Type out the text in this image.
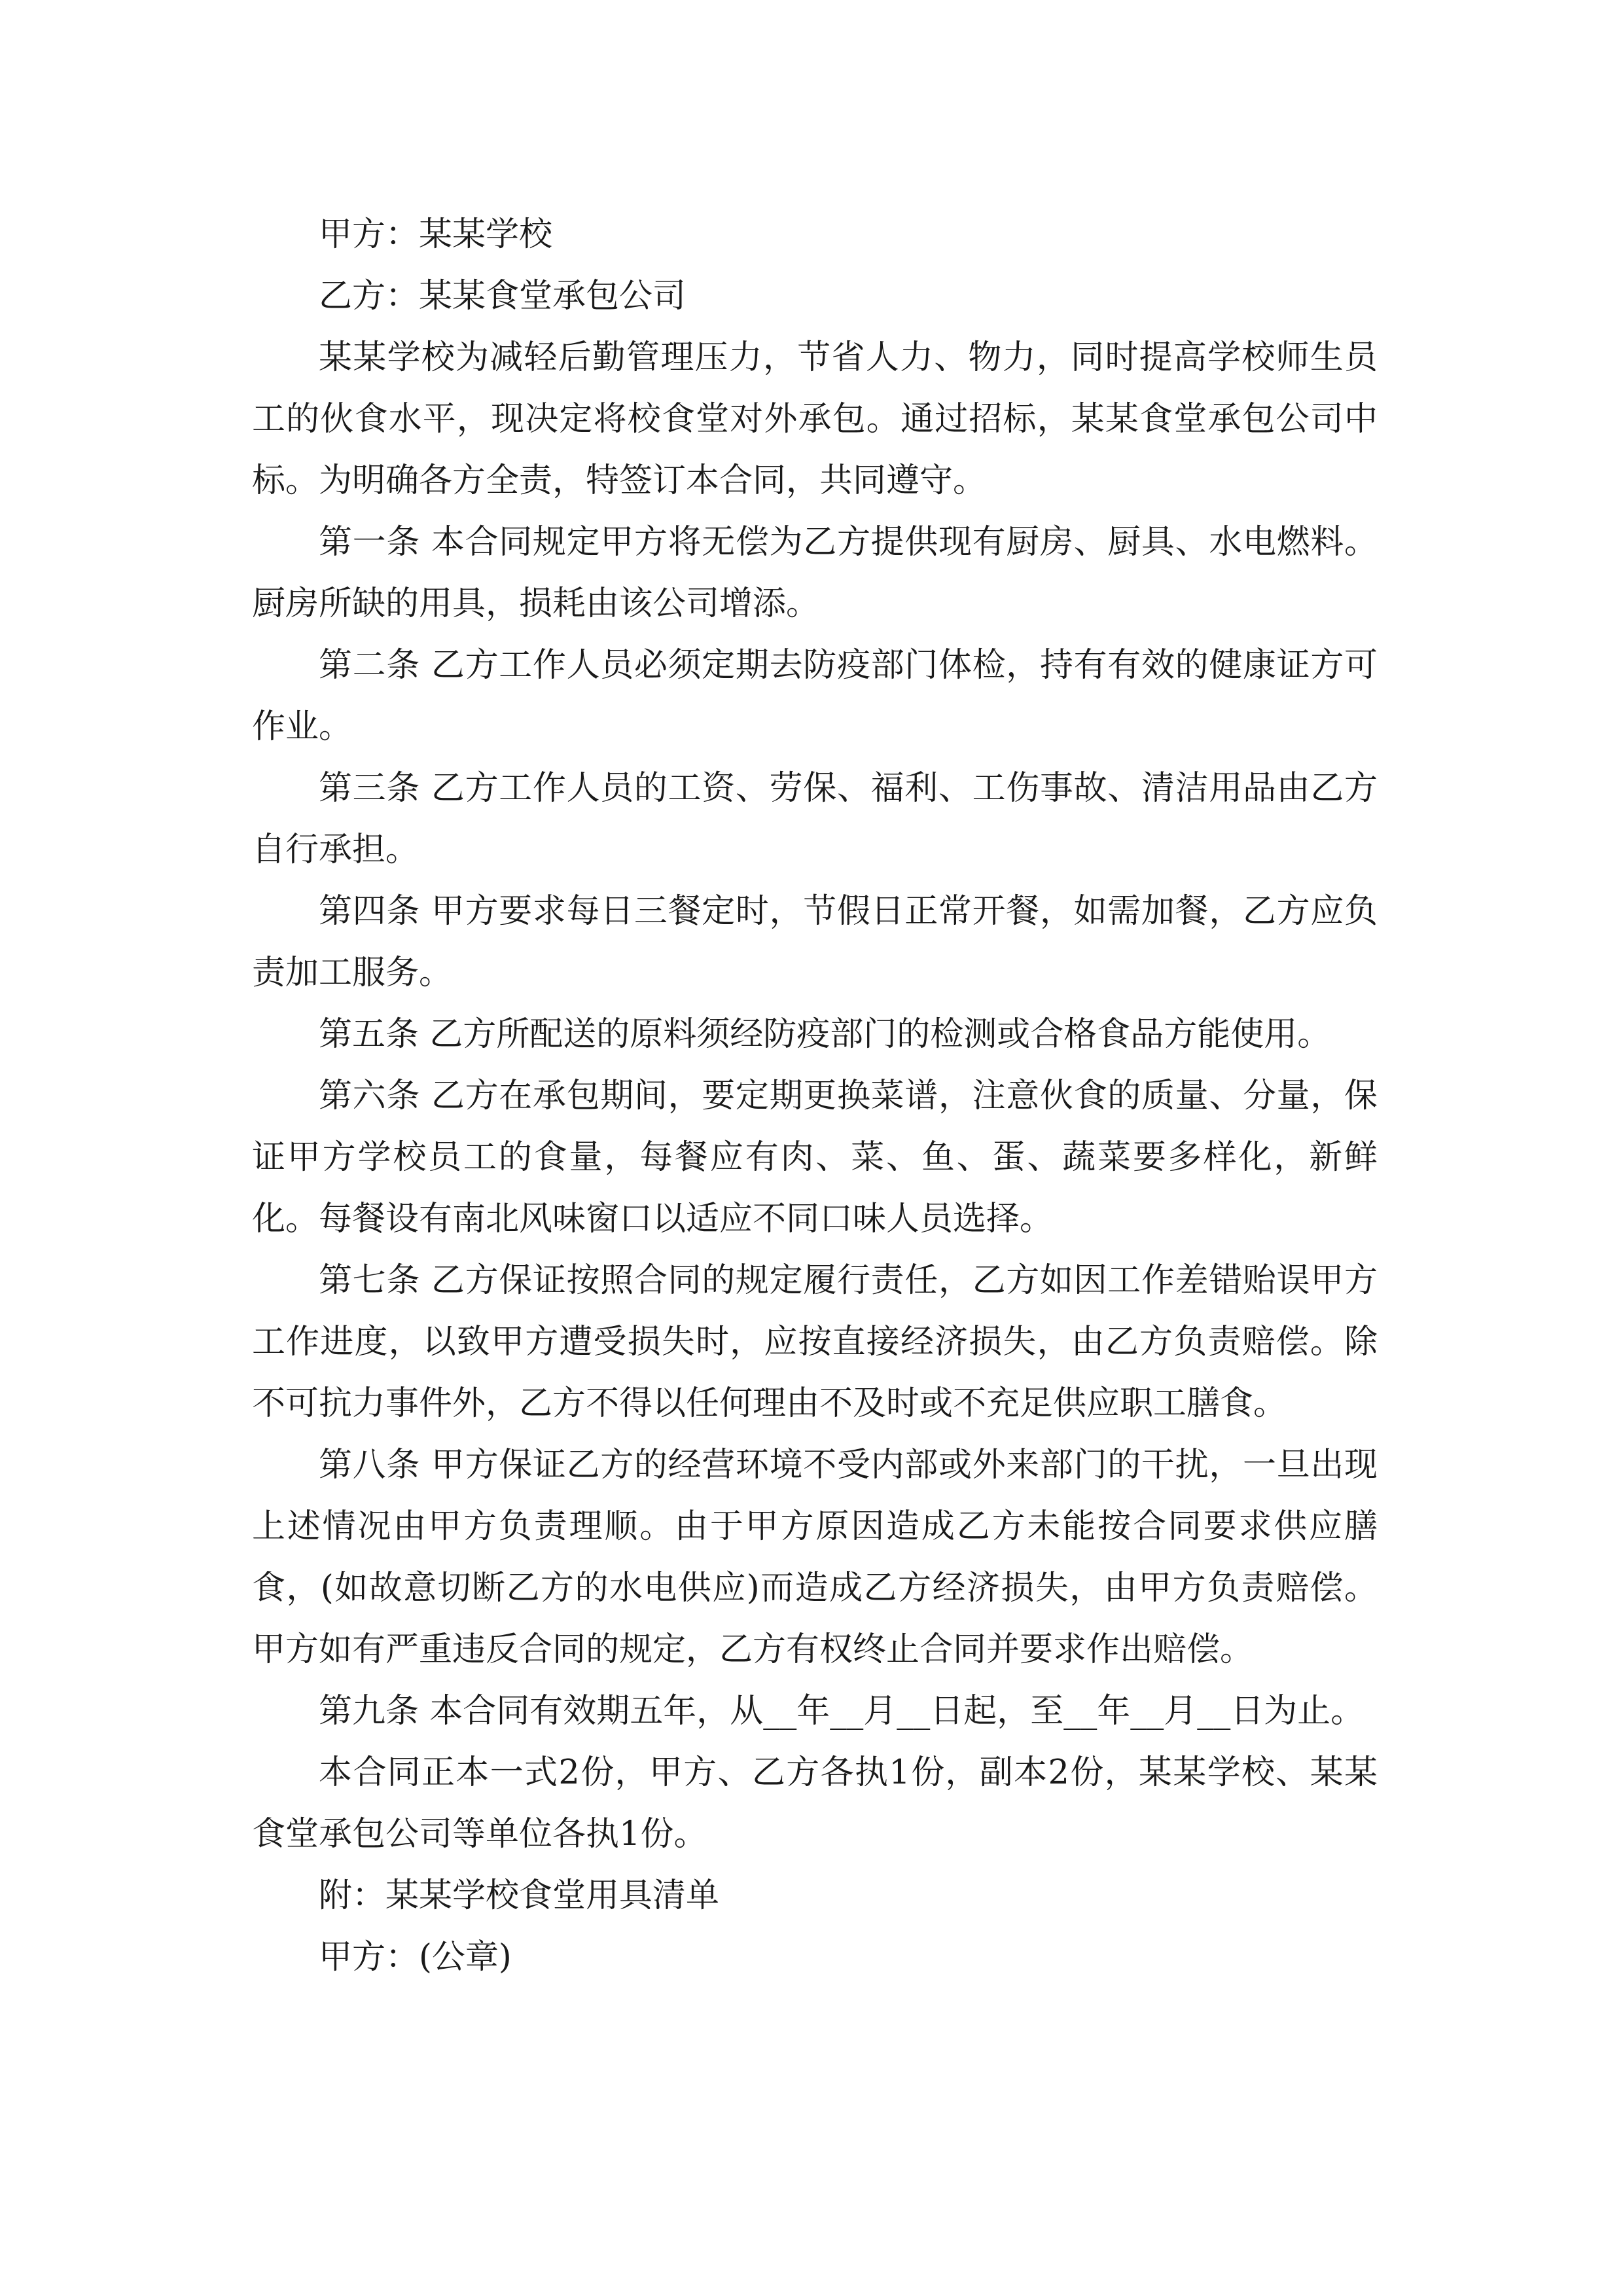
甲方：某某学校

乙方：某某食堂承包公司

某某学校为减轻后勤管理压力，节省人力、物力，同时提高学校师生员工的伙食水平，现决定将校食堂对外承包。通过招标，某某食堂承包公司中标。为明确各方全责，特签订本合同，共同遵守。

第一条 本合同规定甲方将无偿为乙方提供现有厨房、厨具、水电燃料。厨房所缺的用具，损耗由该公司增添。

第二条 乙方工作人员必须定期去防疫部门体检，持有有效的健康证方可作业。

第三条 乙方工作人员的工资、劳保、福利、工伤事故、清洁用品由乙方自行承担。

第四条 甲方要求每日三餐定时，节假日正常开餐，如需加餐，乙方应负责加工服务。

第五条 乙方所配送的原料须经防疫部门的检测或合格食品方能使用。

第六条 乙方在承包期间，要定期更换菜谱，注意伙食的质量、分量，保证甲方学校员工的食量，每餐应有肉、菜、鱼、蛋、蔬菜要多样化，新鲜化。每餐设有南北风味窗口以适应不同口味人员选择。

第七条 乙方保证按照合同的规定履行责任，乙方如因工作差错贻误甲方工作进度，以致甲方遭受损失时，应按直接经济损失，由乙方负责赔偿。除不可抗力事件外，乙方不得以任何理由不及时或不充足供应职工膳食。

第八条 甲方保证乙方的经营环境不受内部或外来部门的干扰，一旦出现上述情况由甲方负责理顺。由于甲方原因造成乙方未能按合同要求供应膳食，(如故意切断乙方的水电供应)而造成乙方经济损失，由甲方负责赔偿。 甲方如有严重违反合同的规定，乙方有权终止合同并要求作出赔偿。

第九条 本合同有效期五年，从__年__月__日起，至__年__月__日为止。

本合同正本一式2份，甲方、乙方各执1份，副本2份，某某学校、某某食堂承包公司等单位各执1份。

附：某某学校食堂用具清单

甲方：(公章)
